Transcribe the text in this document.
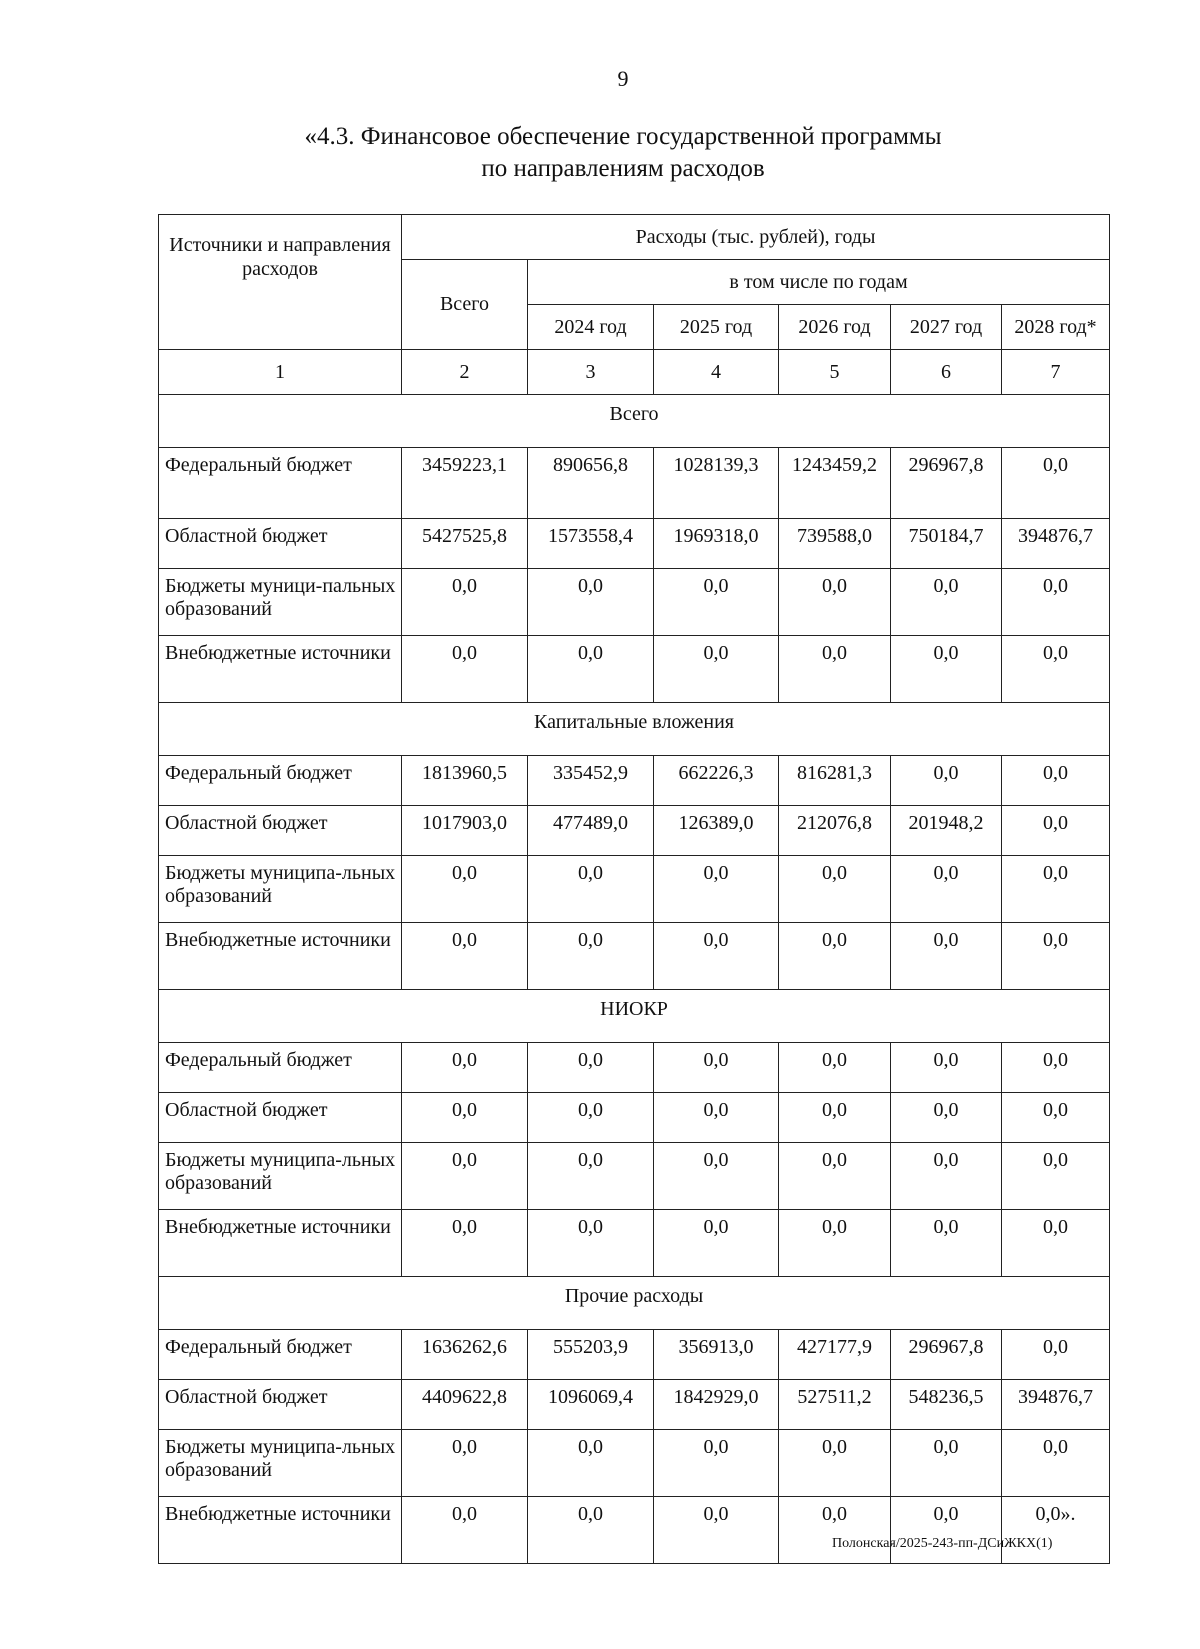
9
«4.3. Финансовое обеспечение государственной программы
по направлениям расходов
Источники и направления расходов	Расходы (тыс. рублей), годы					
	Всего	в том числе по годам				
		2024 год	2025 год	2026 год	2027 год	2028 год*
1	2	3	4	5	6	7
Всего						
Федеральный бюджет	3459223,1	890656,8	1028139,3	1243459,2	296967,8	0,0
Областной бюджет	5427525,8	1573558,4	1969318,0	739588,0	750184,7	394876,7
Бюджеты муници-пальных образований	0,0	0,0	0,0	0,0	0,0	0,0
Внебюджетные источники	0,0	0,0	0,0	0,0	0,0	0,0
Капитальные вложения						
Федеральный бюджет	1813960,5	335452,9	662226,3	816281,3	0,0	0,0
Областной бюджет	1017903,0	477489,0	126389,0	212076,8	201948,2	0,0
Бюджеты муниципа-льных образований	0,0	0,0	0,0	0,0	0,0	0,0
Внебюджетные источники	0,0	0,0	0,0	0,0	0,0	0,0
НИОКР						
Федеральный бюджет	0,0	0,0	0,0	0,0	0,0	0,0
Областной бюджет	0,0	0,0	0,0	0,0	0,0	0,0
Бюджеты муниципа-льных образований	0,0	0,0	0,0	0,0	0,0	0,0
Внебюджетные источники	0,0	0,0	0,0	0,0	0,0	0,0
Прочие расходы						
Федеральный бюджет	1636262,6	555203,9	356913,0	427177,9	296967,8	0,0
Областной бюджет	4409622,8	1096069,4	1842929,0	527511,2	548236,5	394876,7
Бюджеты муниципа-льных образований	0,0	0,0	0,0	0,0	0,0	0,0
Внебюджетные источники	0,0	0,0	0,0	0,0	0,0	0,0».
Полонская/2025-243-пп-ДСиЖКХ(1)
